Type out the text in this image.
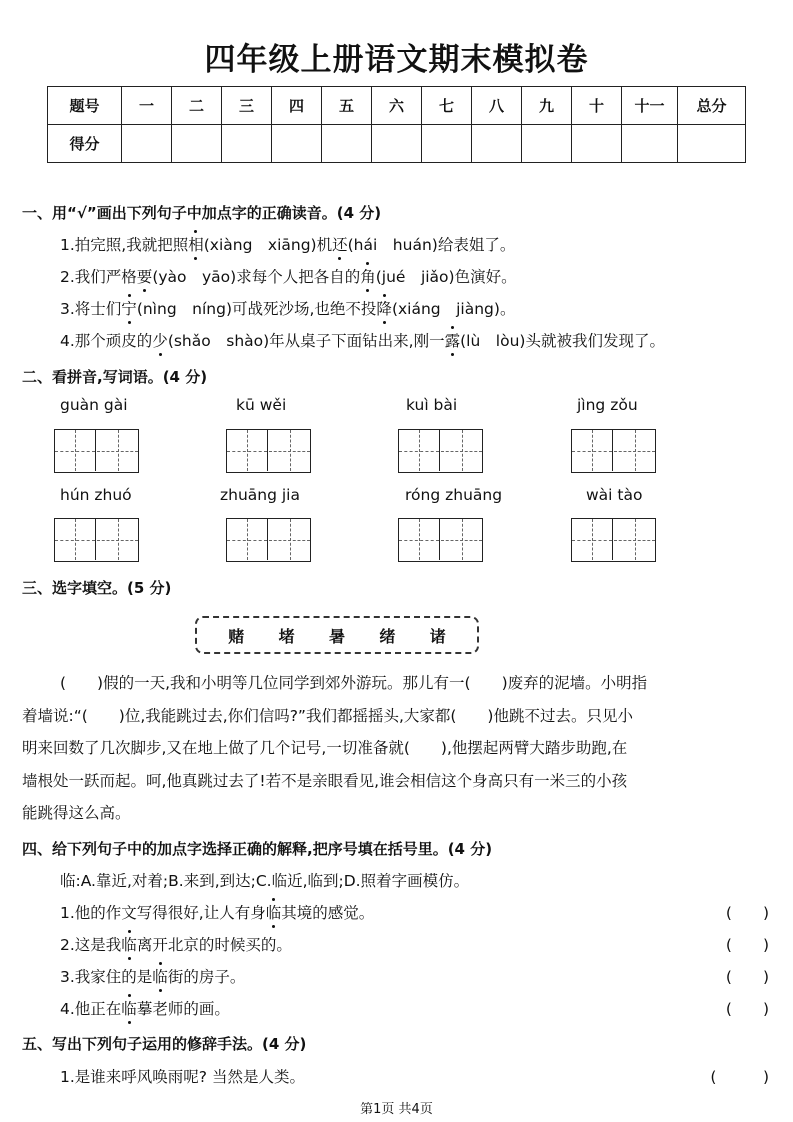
四年级上册语文期末模拟卷
题号	一	二	三	四	五	六	七	八	九	十	十一	总分
得分												
一、用“√”画出下列句子中加点字的正确读音。(4 分)
1.拍完照,我就把照相(xiàng　xiāng)机还(hái　huán)给表姐了。
2.我们严格要(yào　yāo)求每个人把各自的角(jué　jiǎo)色演好。
3.将士们宁(nìng　níng)可战死沙场,也绝不投降(xiáng　jiàng)。
4.那个顽皮的少(shǎo　shào)年从桌子下面钻出来,刚一露(lù　lòu)头就被我们发现了。
二、看拼音,写词语。(4 分)
guàn gài	kū wěi	kuì bài	jìng zǒu
hún zhuó	zhuāng jia	róng zhuāng	wài tào
三、选字填空。(5 分)
赌 堵 暑 绪 诸
(　　)假的一天,我和小明等几位同学到郊外游玩。那儿有一(　　)废弃的泥墙。小明指
着墙说:“(　　)位,我能跳过去,你们信吗?”我们都摇摇头,大家都(　　)他跳不过去。只见小
明来回数了几次脚步,又在地上做了几个记号,一切准备就(　　),他摆起两臂大踏步助跑,在
墙根处一跃而起。呵,他真跳过去了!若不是亲眼看见,谁会相信这个身高只有一米三的小孩
能跳得这么高。
四、给下列句子中的加点字选择正确的解释,把序号填在括号里。(4 分)
临:A.靠近,对着;B.来到,到达;C.临近,临到;D.照着字画模仿。
1.他的作文写得很好,让人有身临其境的感觉。	(　　)
2.这是我临离开北京的时候买的。	(　　)
3.我家住的是临街的房子。	(　　)
4.他正在临摹老师的画。	(　　)
五、写出下列句子运用的修辞手法。(4 分)
1.是谁来呼风唤雨呢? 当然是人类。	(　　　)
第1页 共4页
